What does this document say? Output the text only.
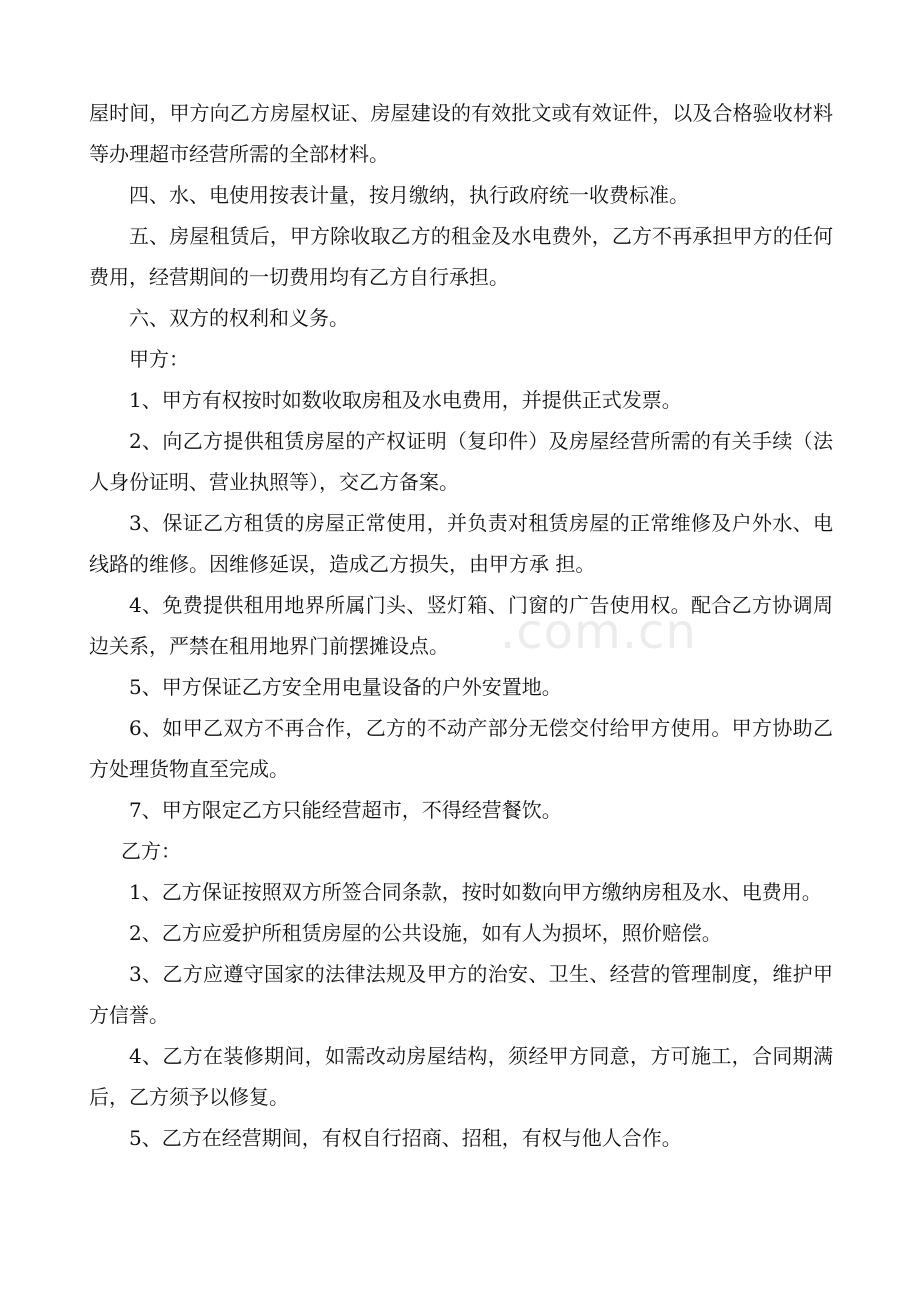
屋时间，甲方向乙方房屋权证、房屋建设的有效批文或有效证件，以及合格验收材料等办理超市经营所需的全部材料。

四、水、电使用按表计量，按月缴纳，执行政府统一收费标准。

五、房屋租赁后，甲方除收取乙方的租金及水电费外，乙方不再承担甲方的任何费用，经营期间的一切费用均有乙方自行承担。

六、双方的权利和义务。

甲方：

1、甲方有权按时如数收取房租及水电费用，并提供正式发票。

2、向乙方提供租赁房屋的产权证明（复印件）及房屋经营所需的有关手续（法人身份证明、营业执照等），交乙方备案。

3、保证乙方租赁的房屋正常使用，并负责对租赁房屋的正常维修及户外水、电线路的维修。因维修延误，造成乙方损失，由甲方承 担。

4、免费提供租用地界所属门头、竖灯箱、门窗的广告使用权。配合乙方协调周边关系，严禁在租用地界门前摆摊设点。

5、甲方保证乙方安全用电量设备的户外安置地。

6、如甲乙双方不再合作，乙方的不动产部分无偿交付给甲方使用。甲方协助乙方处理货物直至完成。

7、甲方限定乙方只能经营超市，不得经营餐饮。

乙方：

1、乙方保证按照双方所签合同条款，按时如数向甲方缴纳房租及水、电费用。

2、乙方应爱护所租赁房屋的公共设施，如有人为损坏，照价赔偿。

3、乙方应遵守国家的法律法规及甲方的治安、卫生、经营的管理制度，维护甲方信誉。

4、乙方在装修期间，如需改动房屋结构，须经甲方同意，方可施工，合同期满后，乙方须予以修复。

5、乙方在经营期间，有权自行招商、招租，有权与他人合作。

.com.cn
